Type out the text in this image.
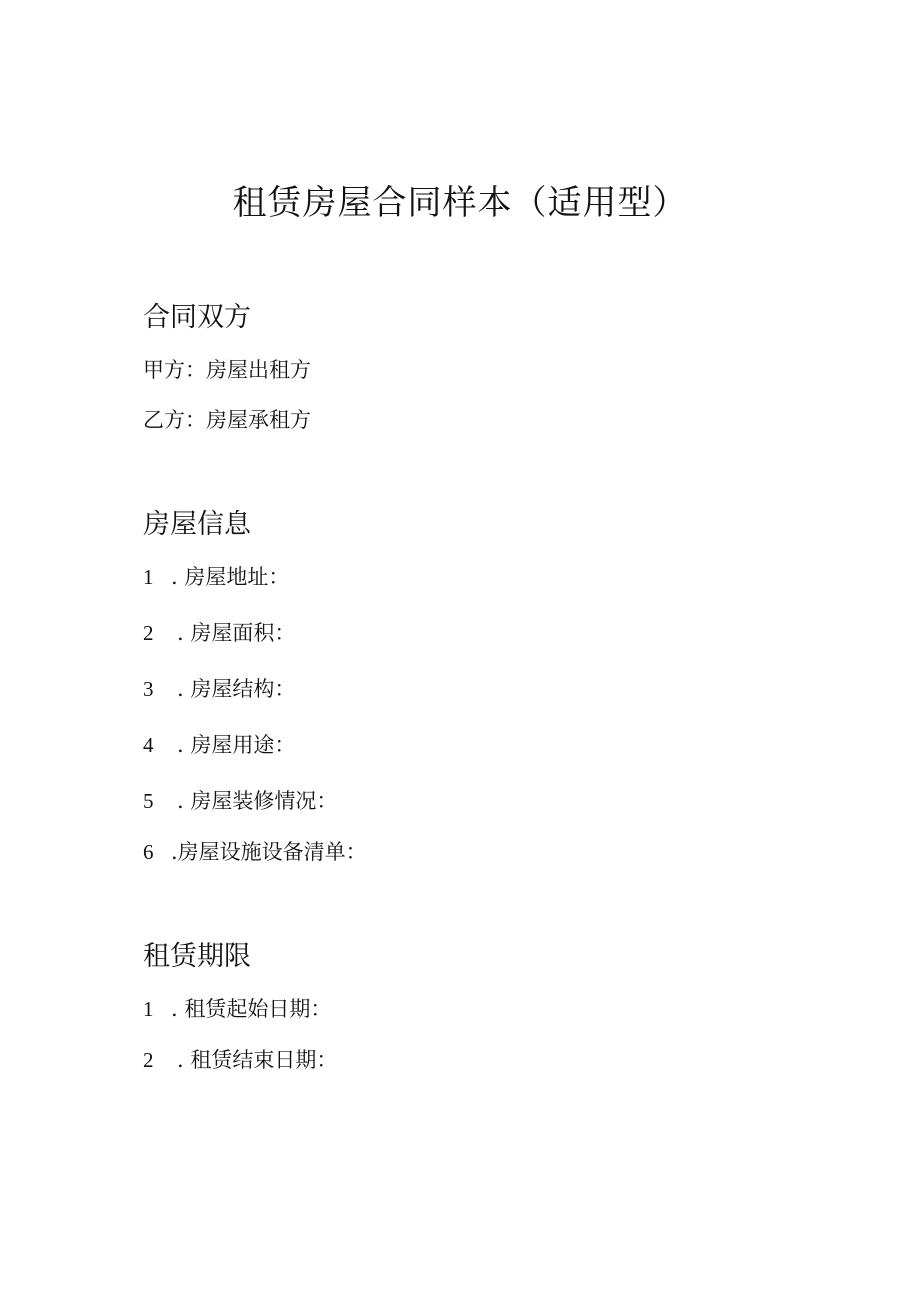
租赁房屋合同样本（适用型）
合同双方

甲方：房屋出租方

乙方：房屋承租方

房屋信息

1 . 房屋地址：

2 . 房屋面积：

3 . 房屋结构：

4 . 房屋用途：

5 . 房屋装修情况：

6 .房屋设施设备清单：

租赁期限

1 . 租赁起始日期：

2 . 租赁结束日期：
